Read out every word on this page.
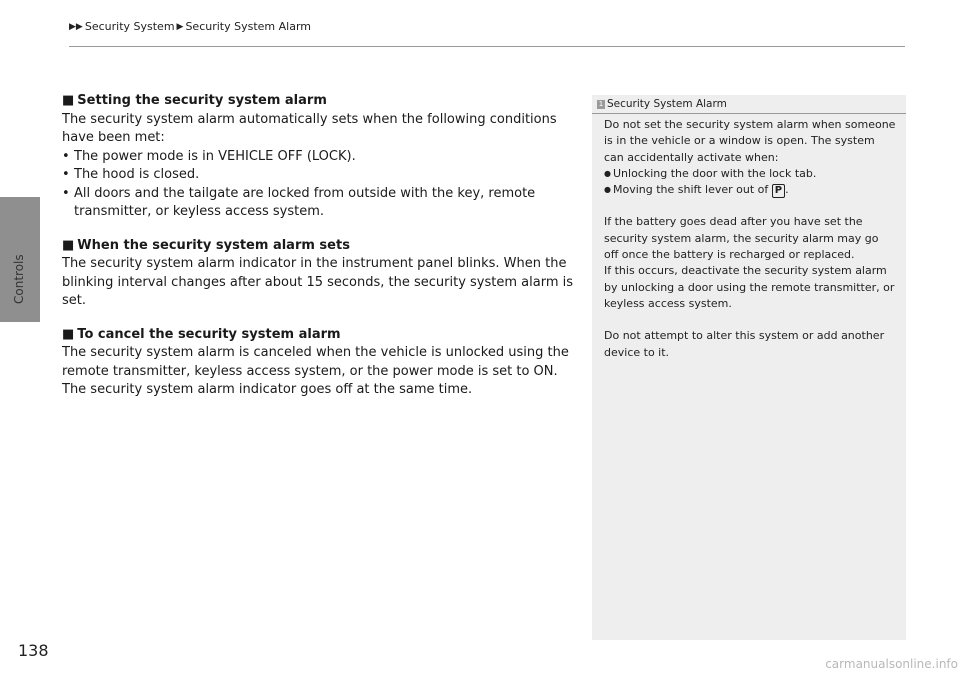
Controls
▶▶ Security System ▶ Security System Alarm
■ Setting the security system alarm
The security system alarm automatically sets when the following conditions have been met:
• The power mode is in VEHICLE OFF (LOCK).
• The hood is closed.
• All doors and the tailgate are locked from outside with the key, remote transmitter, or keyless access system.
■ When the security system alarm sets
The security system alarm indicator in the instrument panel blinks. When the blinking interval changes after about 15 seconds, the security system alarm is set.
■ To cancel the security system alarm
The security system alarm is canceled when the vehicle is unlocked using the remote transmitter, keyless access system, or the power mode is set to ON. The security system alarm indicator goes off at the same time.
1 Security System Alarm
Do not set the security system alarm when someone is in the vehicle or a window is open. The system can accidentally activate when:
● Unlocking the door with the lock tab.
● Moving the shift lever out of P .
If the battery goes dead after you have set the security system alarm, the security alarm may go off once the battery is recharged or replaced.
If this occurs, deactivate the security system alarm by unlocking a door using the remote transmitter, or keyless access system.
Do not attempt to alter this system or add another device to it.
138
carmanualsonline.info
